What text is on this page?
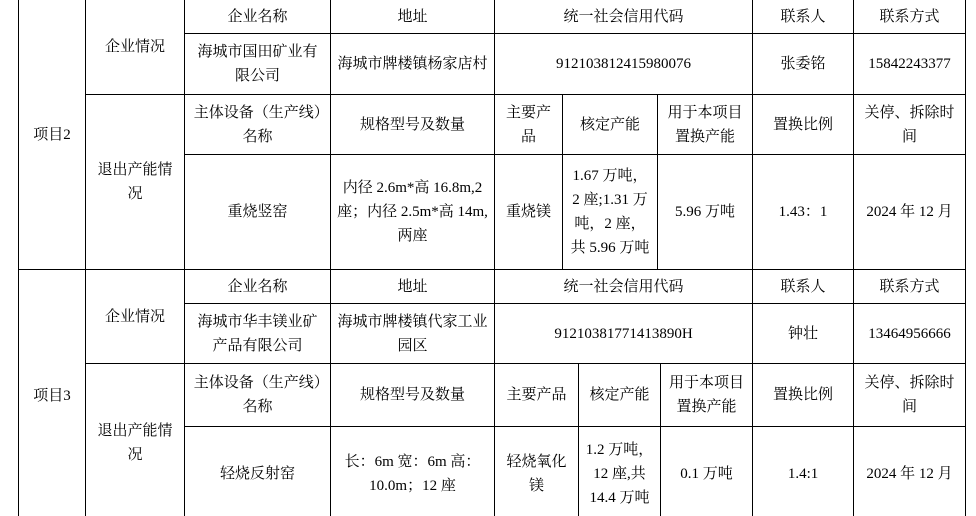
项目2	企业情况	企业名称	地址	统一社会信用代码			联系人	联系方式
		海城市国田矿业有限公司	海城市牌楼镇杨家店村	912103812415980076			张委铭	15842243377
	退出产能情况	主体设备（生产线）名称	规格型号及数量	主要产品	核定产能	用于本项目置换产能	置换比例	关停、拆除时间
		重烧竖窑	内径 2.6m*高 16.8m,2 座；内径 2.5m*高 14m,两座	重烧镁	1.67 万吨，2 座;1.31 万吨，2 座，共 5.96 万吨	5.96 万吨	1.43：1	2024 年 12 月
项目3	企业情况	企业名称	地址	统一社会信用代码			联系人	联系方式
		海城市华丰镁业矿产品有限公司	海城市牌楼镇代家工业园区	91210381771413890H			钟壮	13464956666
	退出产能情况	主体设备（生产线）名称	规格型号及数量	主要产品	核定产能	用于本项目置换产能	置换比例	关停、拆除时间
		轻烧反射窑	长：6m 宽：6m 高：10.0m；12 座	轻烧氧化镁	1.2 万吨，12 座,共 14.4 万吨	0.1 万吨	1.4:1	2024 年 12 月
